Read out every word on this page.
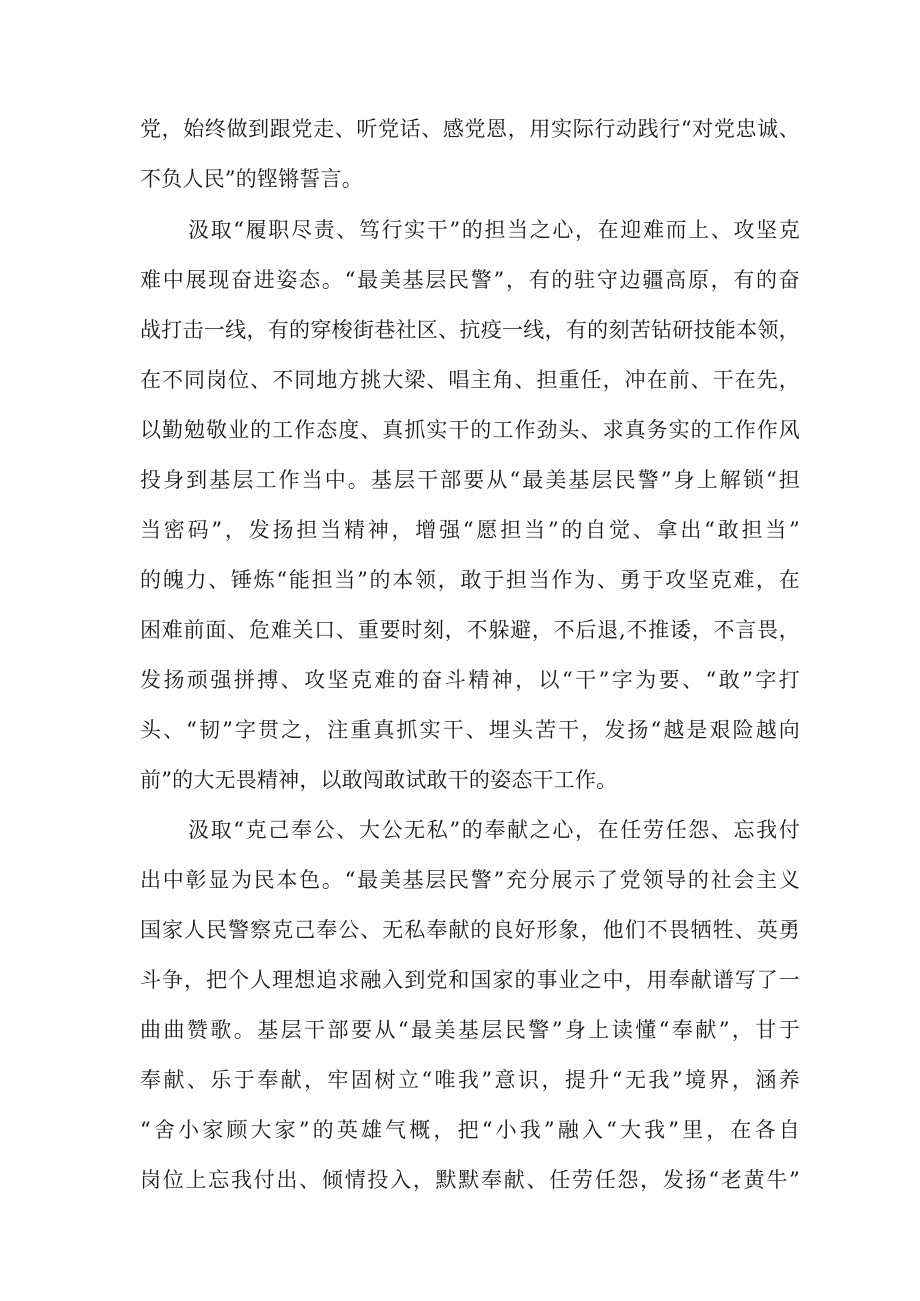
党，始终做到跟党走、听党话、感党恩，用实际行动践行“对党忠诚、
不负人民”的铿锵誓言。
汲取“履职尽责、笃行实干”的担当之心，在迎难而上、攻坚克
难中展现奋进姿态。“最美基层民警”，有的驻守边疆高原，有的奋
战打击一线，有的穿梭街巷社区、抗疫一线，有的刻苦钻研技能本领，
在不同岗位、不同地方挑大梁、唱主角、担重任，冲在前、干在先，
以勤勉敬业的工作态度、真抓实干的工作劲头、求真务实的工作作风
投身到基层工作当中。基层干部要从“最美基层民警”身上解锁“担
当密码”，发扬担当精神，增强“愿担当”的自觉、拿出“敢担当”
的魄力、锤炼“能担当”的本领，敢于担当作为、勇于攻坚克难，在
困难前面、危难关口、重要时刻，不躲避，不后退,不推诿，不言畏，
发扬顽强拼搏、攻坚克难的奋斗精神，以“干”字为要、“敢”字打
头、“韧”字贯之，注重真抓实干、埋头苦干，发扬“越是艰险越向
前”的大无畏精神，以敢闯敢试敢干的姿态干工作。
汲取“克己奉公、大公无私”的奉献之心，在任劳任怨、忘我付
出中彰显为民本色。“最美基层民警”充分展示了党领导的社会主义
国家人民警察克己奉公、无私奉献的良好形象，他们不畏牺牲、英勇
斗争，把个人理想追求融入到党和国家的事业之中，用奉献谱写了一
曲曲赞歌。基层干部要从“最美基层民警”身上读懂“奉献”，甘于
奉献、乐于奉献，牢固树立“唯我”意识，提升“无我”境界，涵养
“舍小家顾大家”的英雄气概，把“小我”融入“大我”里，在各自
岗位上忘我付出、倾情投入，默默奉献、任劳任怨，发扬“老黄牛”
